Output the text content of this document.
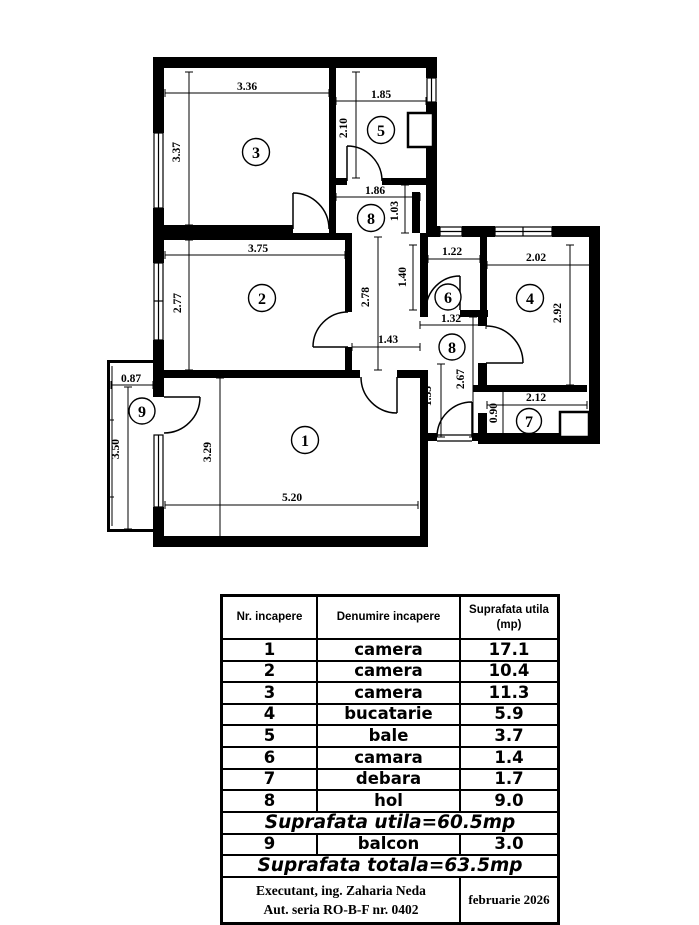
3.36
3.37
1.85
2.10
1.86
1.03
3.75
2.77	2.78
1.43
3.29
5.20
0.87
3.50
1.22
1.40
1.32
2.67
1.53
2.02
2.92
2.12
0.90
3
5
8
2	6	4
8
1
9
7
Nr. incapere	Denumire incapere	Suprafata utila
(mp)
1	camera	17.1
2	camera	10.4
3	camera	11.3
4	bucatarie	5.9
5	bale	3.7
6	camara	1.4
7	debara	1.7
8	hol	9.0
Suprafata utila=60.5mp		
9	balcon	3.0
Suprafata totala=63.5mp		

Executant, ing. Zaharia Neda
Aut. seria RO-B-F nr. 0402		februarie 2026
